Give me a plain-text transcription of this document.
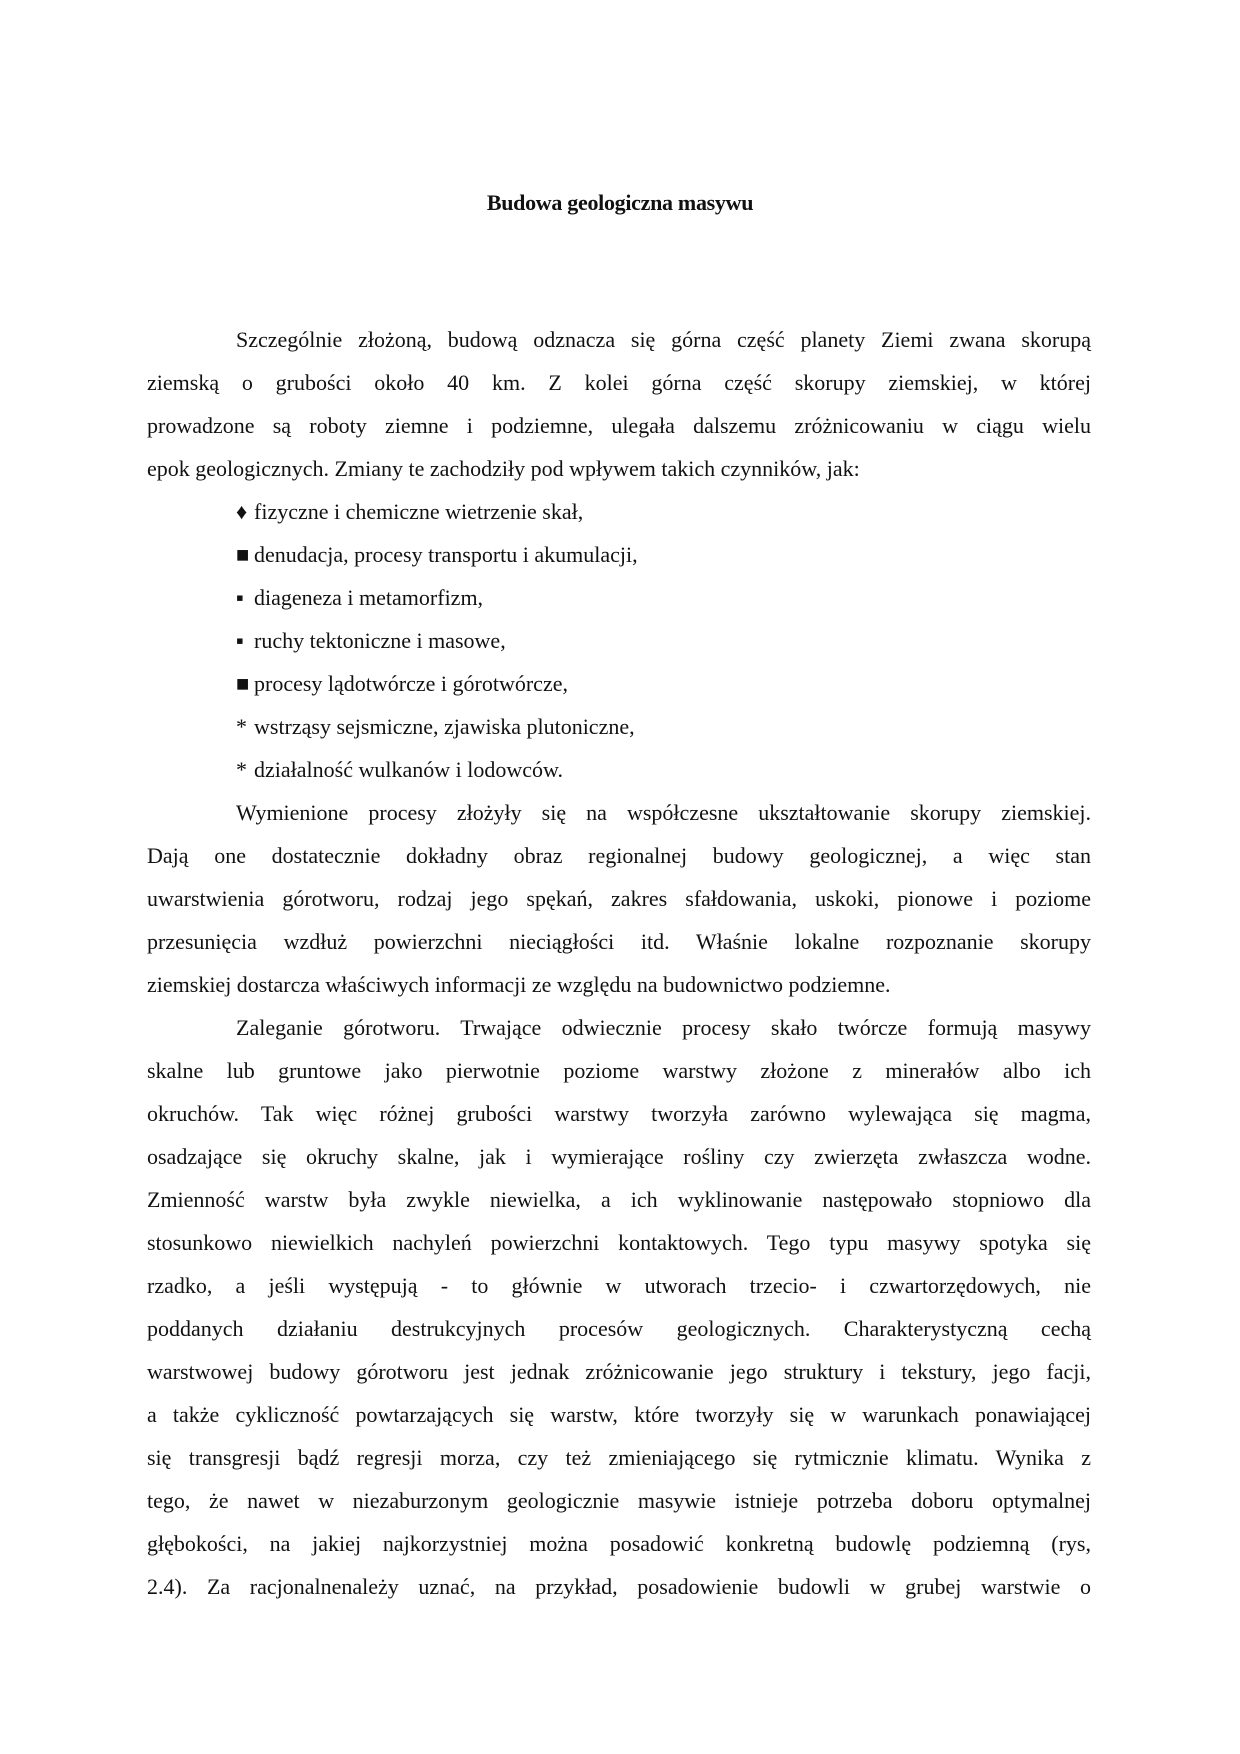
Budowa geologiczna masywu
Szczególnie złożoną, budową odznacza się górna część planety Ziemi zwana skorupą
ziemską o grubości około 40 km. Z kolei górna część skorupy ziemskiej, w której
prowadzone są roboty ziemne i podziemne, ulegała dalszemu zróżnicowaniu w ciągu wielu
epok geologicznych. Zmiany te zachodziły pod wpływem takich czynników, jak:
♦ fizyczne i chemiczne wietrzenie skał,
■ denudacja, procesy transportu i akumulacji,
▪ diageneza i metamorfizm,
▪ ruchy tektoniczne i masowe,
■ procesy lądotwórcze i górotwórcze,
* wstrząsy sejsmiczne, zjawiska plutoniczne,
* działalność wulkanów i lodowców.
Wymienione procesy złożyły się na współczesne ukształtowanie skorupy ziemskiej.
Dają one dostatecznie dokładny obraz regionalnej budowy geologicznej, a więc stan
uwarstwienia górotworu, rodzaj jego spękań, zakres sfałdowania, uskoki, pionowe i poziome
przesunięcia wzdłuż powierzchni nieciągłości itd. Właśnie lokalne rozpoznanie skorupy
ziemskiej dostarcza właściwych informacji ze względu na budownictwo podziemne.
Zaleganie górotworu. Trwające odwiecznie procesy skało twórcze formują masywy
skalne lub gruntowe jako pierwotnie poziome warstwy złożone z minerałów albo ich
okruchów. Tak więc różnej grubości warstwy tworzyła zarówno wylewająca się magma,
osadzające się okruchy skalne, jak i wymierające rośliny czy zwierzęta zwłaszcza wodne.
Zmienność warstw była zwykle niewielka, a ich wyklinowanie następowało stopniowo dla
stosunkowo niewielkich nachyleń powierzchni kontaktowych. Tego typu masywy spotyka się
rzadko, a jeśli występują - to głównie w utworach trzecio- i czwartorzędowych, nie
poddanych działaniu destrukcyjnych procesów geologicznych. Charakterystyczną cechą
warstwowej budowy górotworu jest jednak zróżnicowanie jego struktury i tekstury, jego facji,
a także cykliczność powtarzających się warstw, które tworzyły się w warunkach ponawiającej
się transgresji bądź regresji morza, czy też zmieniającego się rytmicznie klimatu. Wynika z
tego, że nawet w niezaburzonym geologicznie masywie istnieje potrzeba doboru optymalnej
głębokości, na jakiej najkorzystniej można posadowić konkretną budowlę podziemną (rys,
2.4). Za racjonalnenależy uznać, na przykład, posadowienie budowli w grubej warstwie o
